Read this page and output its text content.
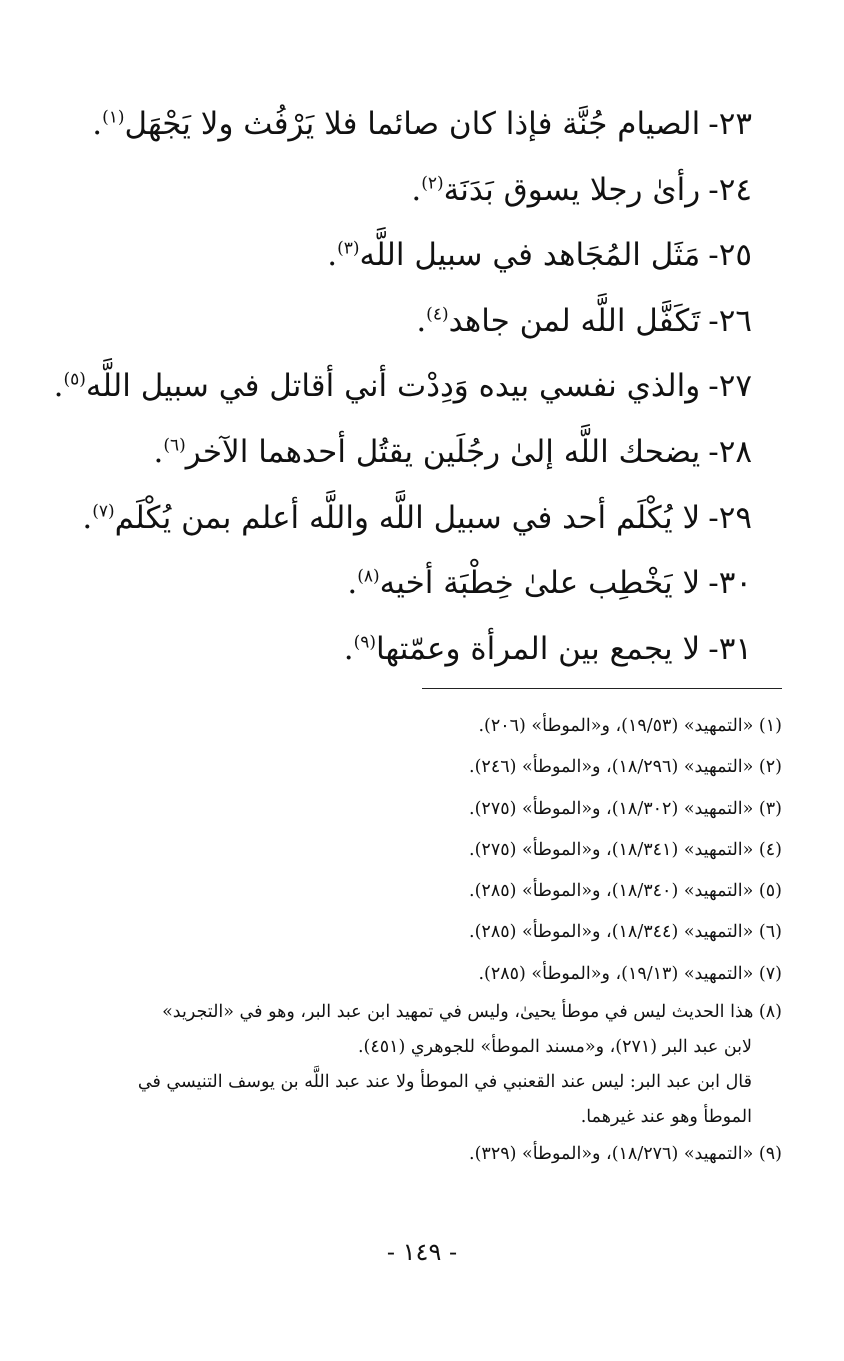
٢٣-الصيام جُنَّة فإذا كان صائما فلا يَرْفُث ولا يَجْهَل$^{(١)}$.
٢٤-رأىٰ رجلا يسوق بَدَنَة$^{(٢)}$.
٢٥-مَثَل المُجَاهد في سبيل اللَّه$^{(٣)}$.
٢٦-تَكَفَّل اللَّه لمن جاهد$^{(٤)}$.
٢٧-والذي نفسي بيده وَدِدْت أني أقاتل في سبيل اللَّه$^{(٥)}$.
٢٨-يضحك اللَّه إلىٰ رجُلَين يقتُل أحدهما الآخر$^{(٦)}$.
٢٩-لا يُكْلَم أحد في سبيل اللَّه واللَّه أعلم بمن يُكْلَم$^{(٧)}$.
٣٠-لا يَخْطِب علىٰ خِطْبَة أخيه$^{(٨)}$.
٣١-لا يجمع بين المرأة وعمّتها$^{(٩)}$.
(١) «التمهيد» (١٩/٥٣)، و«الموطأ» (٢٠٦).
(٢) «التمهيد» (١٨/٢٩٦)، و«الموطأ» (٢٤٦).
(٣) «التمهيد» (١٨/٣٠٢)، و«الموطأ» (٢٧٥).
(٤) «التمهيد» (١٨/٣٤١)، و«الموطأ» (٢٧٥).
(٥) «التمهيد» (١٨/٣٤٠)، و«الموطأ» (٢٨٥).
(٦) «التمهيد» (١٨/٣٤٤)، و«الموطأ» (٢٨٥).
(٧) «التمهيد» (١٩/١٣)، و«الموطأ» (٢٨٥).
(٨) هذا الحديث ليس في موطأ يحيىٰ، وليس في تمهيد ابن عبد البر، وهو في «التجريد»
لابن عبد البر (٢٧١)، و«مسند الموطأ» للجوهري (٤٥١).
قال ابن عبد البر: ليس عند القعنبي في الموطأ ولا عند عبد اللَّه بن يوسف التنيسي في
الموطأ وهو عند غيرهما.
(٩) «التمهيد» (١٨/٢٧٦)، و«الموطأ» (٣٢٩).
- ١٤٩ -
